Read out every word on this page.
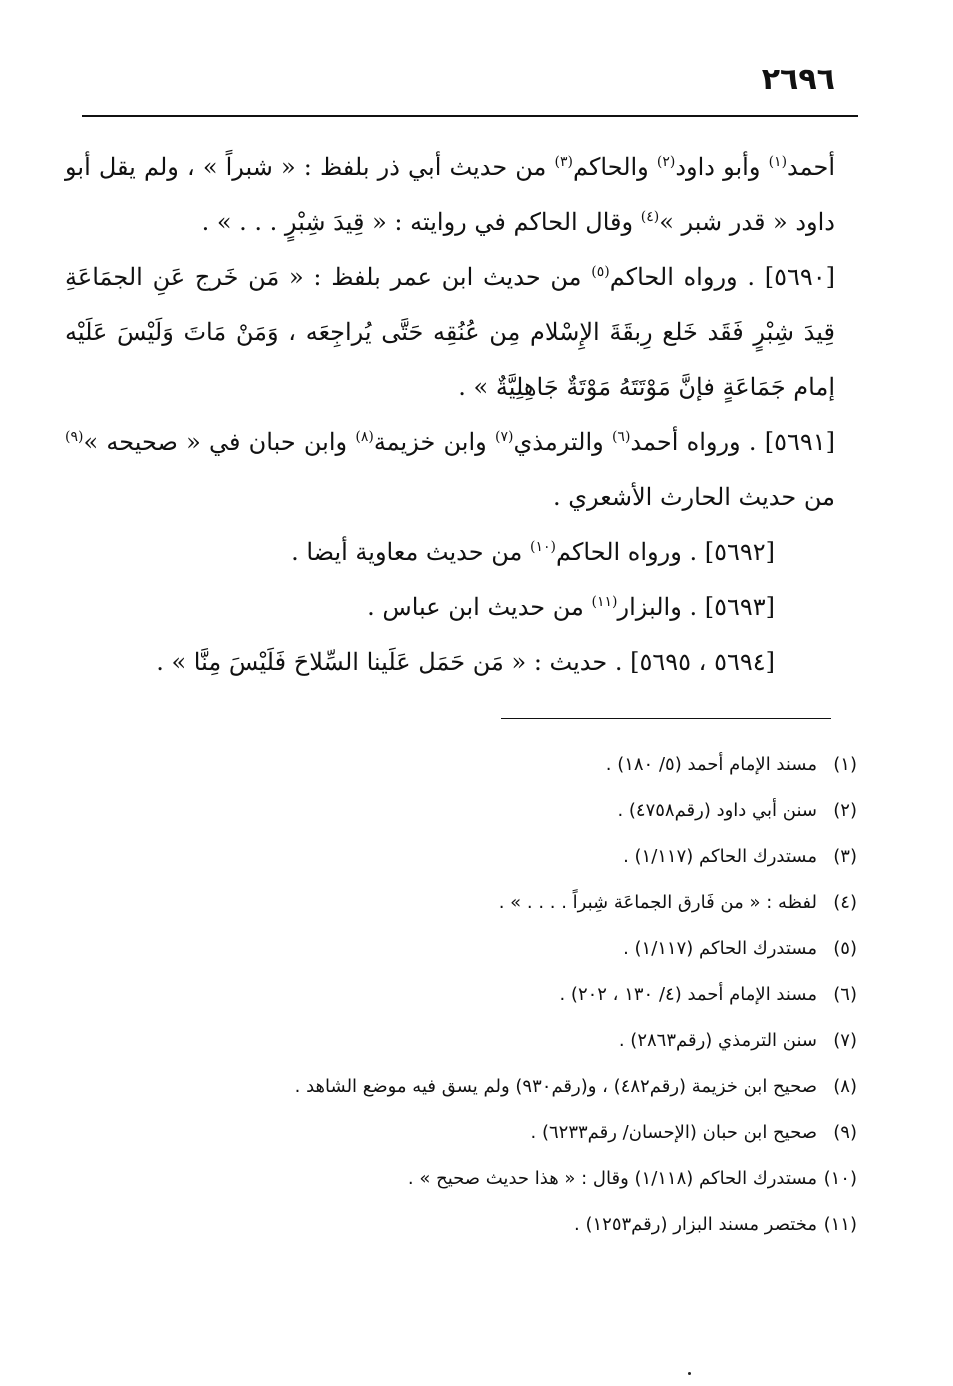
٢٦٩٦

أحمد$^{(١)}$ وأبو داود$^{(٢)}$ والحاكم$^{(٣)}$ من حديث أبي ذر بلفظ : « شبراً » ، ولم يقل أبو داود « قدر شبر »$^{(٤)}$ وقال الحاكم في روايته : « قِيدَ شِبْرٍ . . . » .

[٥٦٩٠] . ورواه الحاكم$^{(٥)}$ من حديث ابن عمر بلفظ : « مَن خَرج عَنِ الجمَاعَةِ قِيدَ شِبْرٍ فَقَد خَلع رِبقَةَ الإِسْلام مِن عُنُقِه حَتَّى يُراجِعَه ، وَمَنْ مَاتَ وَلَيْسَ عَلَيْه إمام جَمَاعَةٍ فإنَّ مَوْتَتَهُ مَوْتَةٌ جَاهِلِيَّةٌ » .

[٥٦٩١] . ورواه أحمد$^{(٦)}$ والترمذي$^{(٧)}$ وابن خزيمة$^{(٨)}$ وابن حبان في « صحيحه »$^{(٩)}$ من حديث الحارث الأشعري .

[٥٦٩٢] . ورواه الحاكم$^{(١٠)}$ من حديث معاوية أيضا .

[٥٦٩٣] . والبزار$^{(١١)}$ من حديث ابن عباس .

[٥٦٩٤ ، ٥٦٩٥] . حديث : « مَن حَمَل عَلَينا السِّلاحَ فَلَيْسَ مِنَّا » .

(١)مسند الإمام أحمد (٥/ ١٨٠) .

(٢)سنن أبي داود (رقم٤٧٥٨) .

(٣)مستدرك الحاكم (١/١١٧) .

(٤)لفظه : « من فَارق الجماعَة شِبراً . . . . » .

(٥)مستدرك الحاكم (١/١١٧) .

(٦)مسند الإمام أحمد (٤/ ١٣٠ ، ٢٠٢) .

(٧)سنن الترمذي (رقم٢٨٦٣) .

(٨)صحيح ابن خزيمة (رقم٤٨٢) ، و(رقم٩٣٠) ولم يسق فيه موضع الشاهد .

(٩)صحيح ابن حبان (الإحسان/ رقم٦٢٣٣) .

(١٠)مستدرك الحاكم (١/١١٨) وقال : « هذا حديث صحيح » .

(١١)مختصر مسند البزار (رقم١٢٥٣) .
